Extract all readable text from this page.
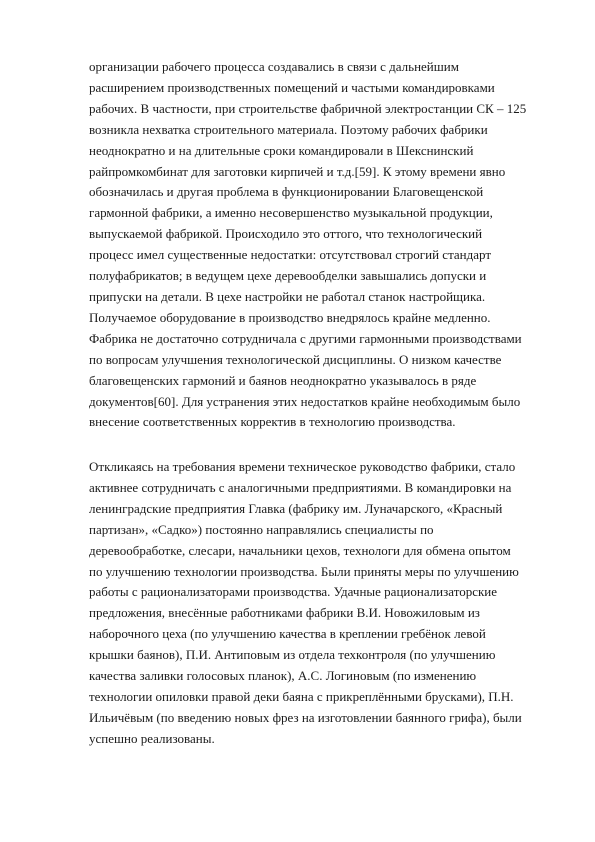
организации рабочего процесса создавались в связи с дальнейшим
расширением производственных помещений и частыми командировками
рабочих. В частности, при строительстве фабричной электростанции СК – 125
возникла нехватка строительного материала. Поэтому рабочих фабрики
неоднократно и на длительные сроки командировали в Шекснинский
райпромкомбинат для заготовки кирпичей и т.д.[59]. К этому времени явно
обозначилась и другая проблема в функционировании Благовещенской
гармонной фабрики, а именно несовершенство музыкальной продукции,
выпускаемой фабрикой. Происходило это оттого, что технологический
процесс имел существенные недостатки: отсутствовал строгий стандарт
полуфабрикатов; в ведущем цехе деревообделки завышались допуски и
припуски на детали. В цехе настройки не работал станок настройщика.
Получаемое оборудование в производство внедрялось крайне медленно.
Фабрика не достаточно сотрудничала с другими гармонными производствами
по вопросам улучшения технологической дисциплины. О низком качестве
благовещенских гармоний и баянов неоднократно указывалось в ряде
документов[60]. Для устранения этих недостатков крайне необходимым было
внесение соответственных корректив в технологию производства.
Откликаясь на требования времени техническое руководство фабрики, стало
активнее сотрудничать с аналогичными предприятиями. В командировки на
ленинградские предприятия Главка (фабрику им. Луначарского, «Красный
партизан», «Садко») постоянно направлялись специалисты по
деревообработке, слесари, начальники цехов, технологи для обмена опытом
по улучшению технологии производства. Были приняты меры по улучшению
работы с рационализаторами производства. Удачные рационализаторские
предложения, внесённые работниками фабрики В.И. Новожиловым из
наборочного цеха (по улучшению качества в креплении гребёнок левой
крышки баянов), П.И. Антиповым из отдела техконтроля (по улучшению
качества заливки голосовых планок), А.С. Логиновым (по изменению
технологии опиловки правой деки баяна с прикреплёнными брусками), П.Н.
Ильичёвым (по введению новых фрез на изготовлении баянного грифа), были
успешно реализованы.
